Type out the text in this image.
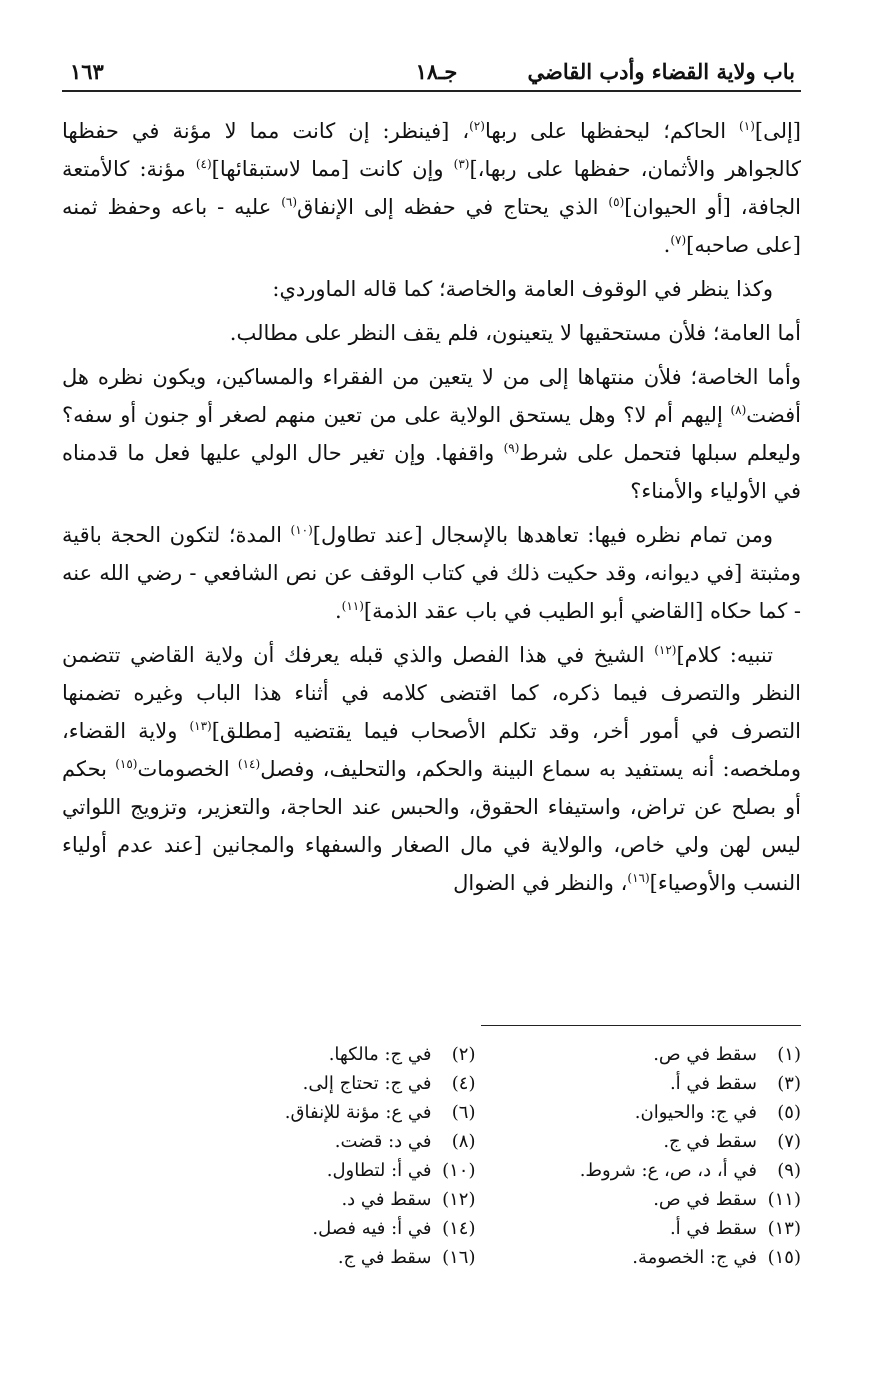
باب ولاية القضاء وأدب القاضي
١٦٣	جـ١٨

[إلى]$^{(١)}$ الحاكم؛ ليحفظها على ربها$^{(٢)}$، [فينظر: إن كانت مما لا مؤنة في حفظها كالجواهر والأثمان، حفظها على ربها،]$^{(٣)}$ وإن كانت [مما لاستبقائها]$^{(٤)}$ مؤنة: كالأمتعة الجافة، [أو الحيوان]$^{(٥)}$ الذي يحتاج في حفظه إلى الإنفاق$^{(٦)}$ عليه - باعه وحفظ ثمنه [على صاحبه]$^{(٧)}$.

وكذا ينظر في الوقوف العامة والخاصة؛ كما قاله الماوردي:

أما العامة؛ فلأن مستحقيها لا يتعينون، فلم يقف النظر على مطالب.

وأما الخاصة؛ فلأن منتهاها إلى من لا يتعين من الفقراء والمساكين، ويكون نظره هل أفضت$^{(٨)}$ إليهم أم لا؟ وهل يستحق الولاية على من تعين منهم لصغر أو جنون أو سفه؟ وليعلم سبلها فتحمل على شرط$^{(٩)}$ واقفها. وإن تغير حال الولي عليها فعل ما قدمناه في الأولياء والأمناء؟

ومن تمام نظره فيها: تعاهدها بالإسجال [عند تطاول]$^{(١٠)}$ المدة؛ لتكون الحجة باقية ومثبتة [في ديوانه، وقد حكيت ذلك في كتاب الوقف عن نص الشافعي - رضي الله عنه - كما حكاه [القاضي أبو الطيب في باب عقد الذمة]$^{(١١)}$.

تنبيه: كلام]$^{(١٢)}$ الشيخ في هذا الفصل والذي قبله يعرفك أن ولاية القاضي تتضمن النظر والتصرف فيما ذكره، كما اقتضى كلامه في أثناء هذا الباب وغيره تضمنها التصرف في أمور أخر، وقد تكلم الأصحاب فيما يقتضيه [مطلق]$^{(١٣)}$ ولاية القضاء، وملخصه: أنه يستفيد به سماع البينة والحكم، والتحليف، وفصل$^{(١٤)}$ الخصومات$^{(١٥)}$ بحكم أو بصلح عن تراض، واستيفاء الحقوق، والحبس عند الحاجة، والتعزير، وتزويج اللواتي ليس لهن ولي خاص، والولاية في مال الصغار والسفهاء والمجانين [عند عدم أولياء النسب والأوصياء]$^{(١٦)}$، والنظر في الضوال

(١)
سقط في ص.
(٢)
في ج: مالكها.
(٣)
سقط في أ.
(٤)
في ج: تحتاج إلى.
(٥)
في ج: والحيوان.
(٦)
في ع: مؤنة للإنفاق.
(٧)
سقط في ج.
(٨)
في د: قضت.
(٩)
في أ، د، ص، ع: شروط.
(١٠)
في أ: لتطاول.
(١١)
سقط في ص.
(١٢)
سقط في د.
(١٣)
سقط في أ.
(١٤)
في أ: فيه فصل.
(١٥)
في ج: الخصومة.
(١٦)
سقط في ج.
